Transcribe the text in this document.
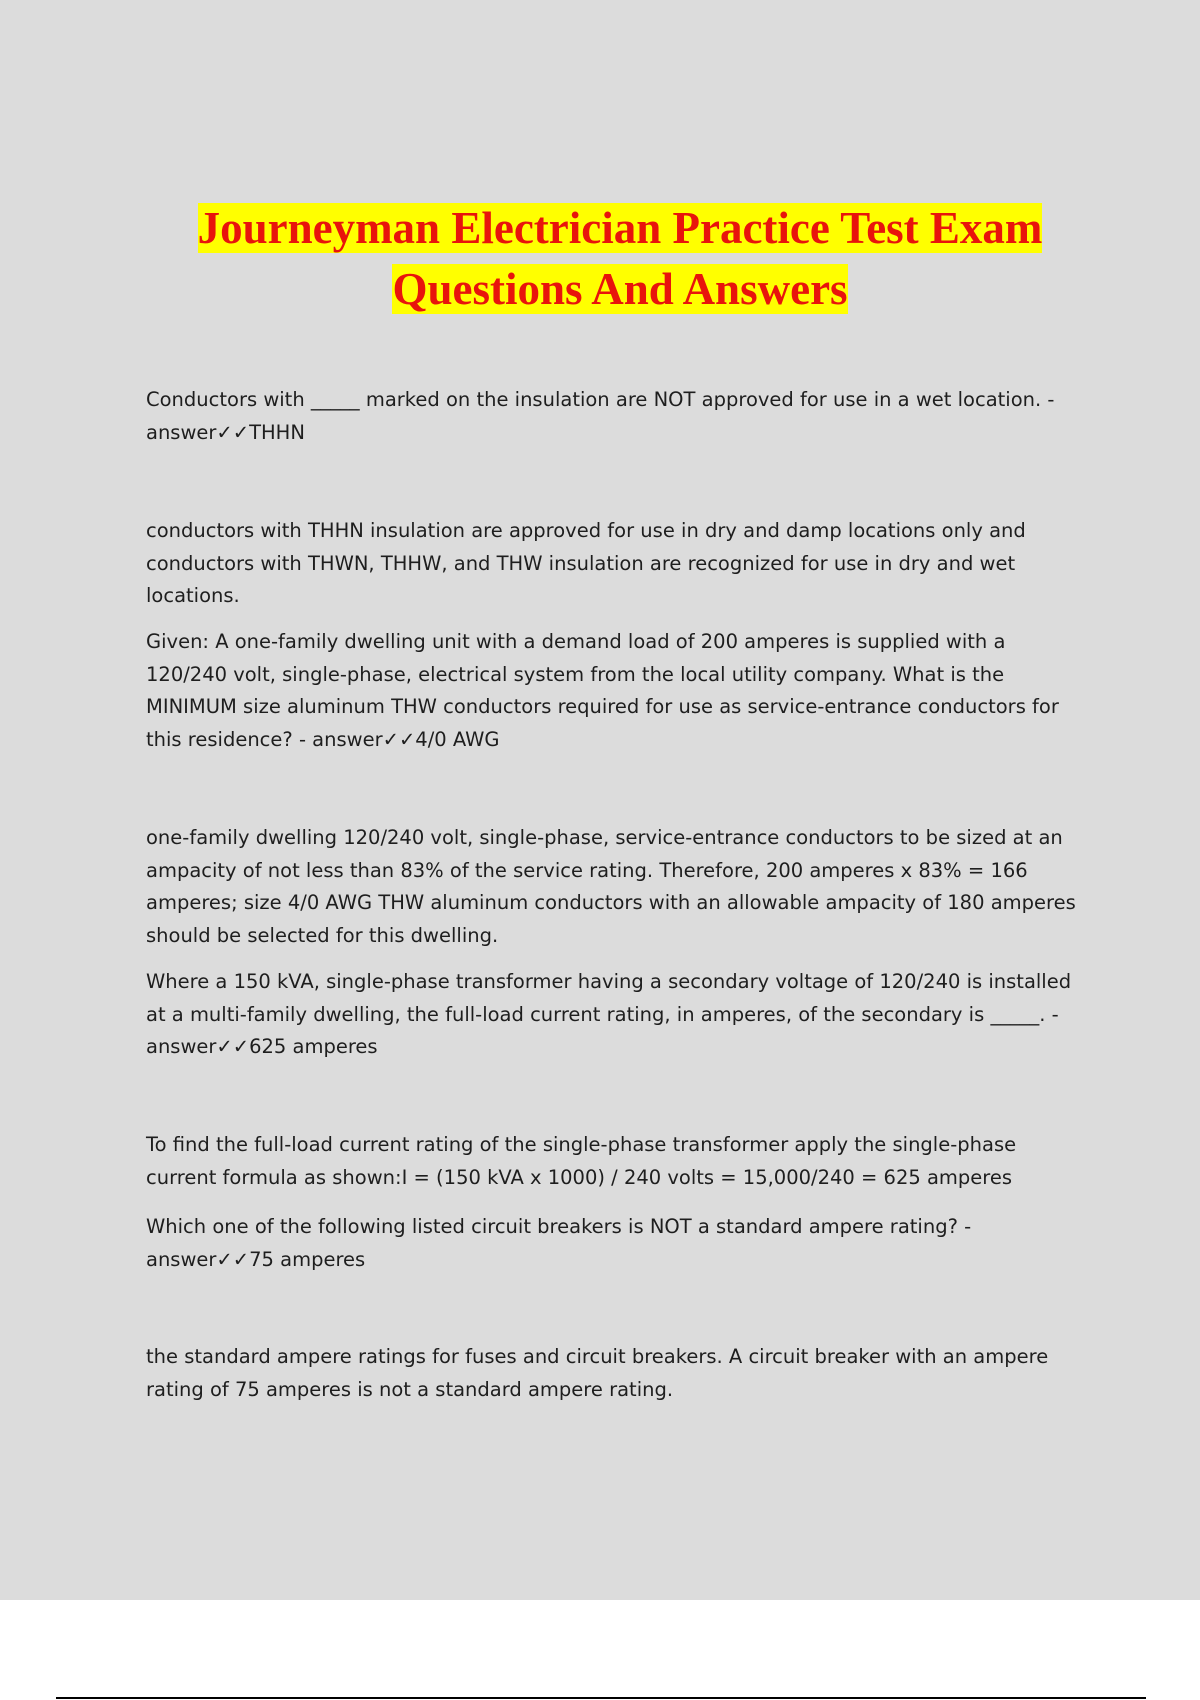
Journeyman Electrician Practice Test Exam
Questions And Answers

Conductors with _____ marked on the insulation are NOT approved for use in a wet location. - answer✓✓THHN

conductors with THHN insulation are approved for use in dry and damp locations only and conductors with THWN, THHW, and THW insulation are recognized for use in dry and wet locations.

Given: A one-family dwelling unit with a demand load of 200 amperes is supplied with a 120/240 volt, single-phase, electrical system from the local utility company. What is the MINIMUM size aluminum THW conductors required for use as service-entrance conductors for this residence? - answer✓✓4/0 AWG

one-family dwelling 120/240 volt, single-phase, service-entrance conductors to be sized at an ampacity of not less than 83% of the service rating. Therefore, 200 amperes x 83% = 166 amperes; size 4/0 AWG THW aluminum conductors with an allowable ampacity of 180 amperes should be selected for this dwelling.

Where a 150 kVA, single-phase transformer having a secondary voltage of 120/240 is installed at a multi-family dwelling, the full-load current rating, in amperes, of the secondary is _____. - answer✓✓625 amperes

To find the full-load current rating of the single-phase transformer apply the single-phase current formula as shown:I = (150 kVA x 1000) / 240 volts = 15,000/240 = 625 amperes

Which one of the following listed circuit breakers is NOT a standard ampere rating? - answer✓✓75 amperes

the standard ampere ratings for fuses and circuit breakers. A circuit breaker with an ampere rating of 75 amperes is not a standard ampere rating.
